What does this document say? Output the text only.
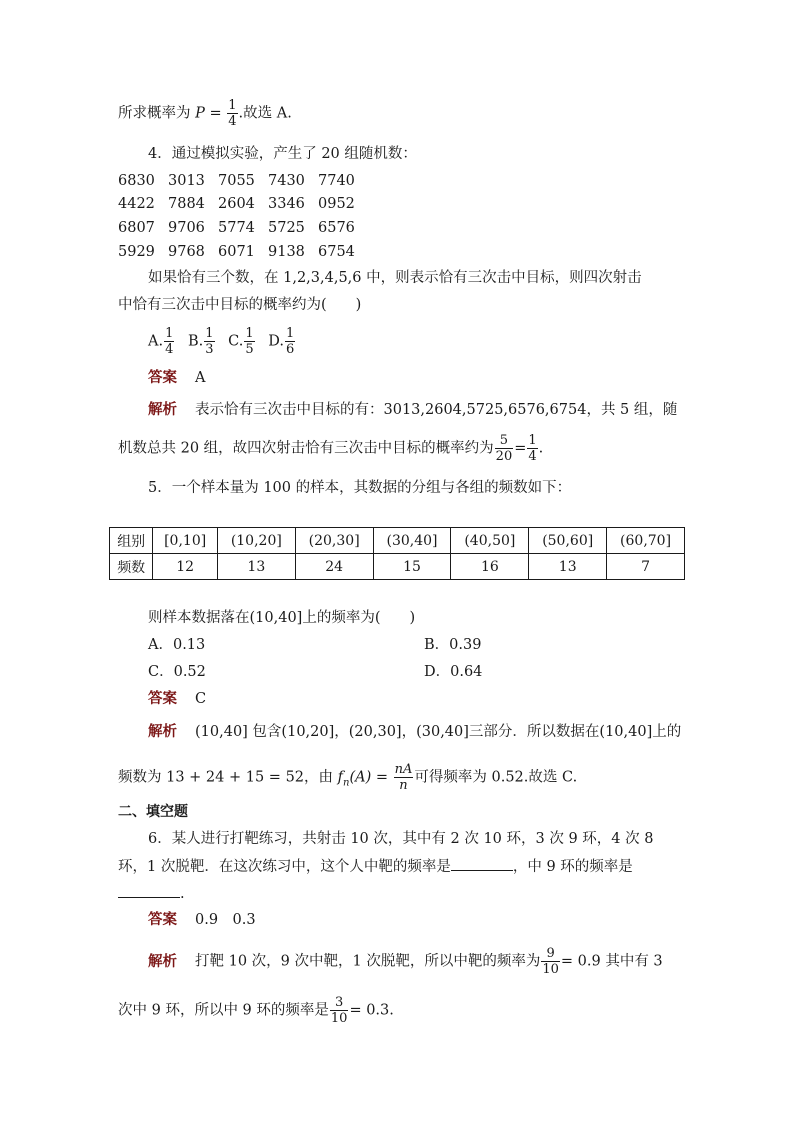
所求概率为 $P = \frac{1}{4}$ .故选 A.
4．通过模拟实验，产生了 20 组随机数：
6830 3013 7055 7430 7740
4422 7884 2604 3346 0952
6807 9706 5774 5725 6576
5929 9768 6071 9138 6754
如果恰有三个数，在 1,2,3,4,5,6 中，则表示恰有三次击中目标，则四次射击
中恰有三次击中目标的概率约为(　　)
A. $\frac{1}{4} B$. $\frac{1}{3} C$. $\frac{1}{5} D$. $\frac{1}{6}$
答案 A
解析 表示恰有三次击中目标的有：3013,2604,5725,6576,6754，共 5 组，随
机数总共 20 组，故四次射击恰有三次击中目标的概率约为 $\frac{5}{20} = \frac{1}{4}$ .
5．一个样本量为 100 的样本，其数据的分组与各组的频数如下：
组别	[0,10]	(10,20]	(20,30]	(30,40]	(40,50]	(50,60]	(60,70]
频数	12	13	24	15	16	13	7
则样本数据落在(10,40]上的频率为(　　)
A．0.13	B．0.39
C．0.52	D．0.64
答案 C
解析 (10,40] 包含(10,20]，(20,30]，(30,40]三部分．所以数据在(10,40]上的
频数为 13 + 24 + 15 = 52，由 $f_n(A) = \frac{nA}{n}$ 可得频率为 0.52.故选 C.
二、填空题
6．某人进行打靶练习，共射击 10 次，其中有 2 次 10 环，3 次 9 环，4 次 8
环，1 次脱靶．在这次练习中，这个人中靶的频率是	，中 9 环的频率是
.
答案 0.9　0.3
解析 打靶 10 次，9 次中靶，1 次脱靶，所以中靶的频率为 $\frac{9}{10} = 0.9$ 其中有 3
次中 9 环，所以中 9 环的频率是 $\frac{3}{10} = 0.3$.
